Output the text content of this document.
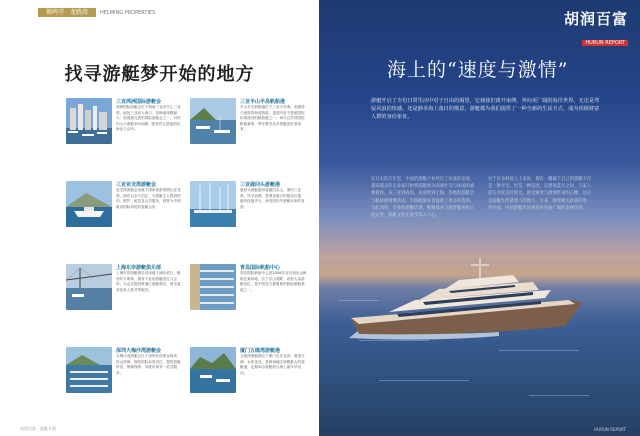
鹤鸣堂 · 龙鸥湾	HELMING PROPERTIES
找寻游艇梦开始的地方
三亚鸿洲国际游艇会
鸿洲国际游艇会位于海南三亚市中心三亚湾，地处三亚河入海口，是海南规模最大、设施最完善的国际游艇会之一，可停泊大小游艇300余艘，配套有五星级酒店、商业与会所。
三亚半山半岛帆船港
半山半岛帆船港位于三亚小东海，坐拥得天独厚的海湾资源，是国内首个按照国际标准建设的帆船港之一，承办过多项国际帆船赛事，每年吸引众多游艇爱好者前来。
三亚亚龙湾游艇会
亚龙湾游艇会坐落于国家旅游度假区亚龙湾，拥有百余个泊位，为游艇主人提供停泊、维护、租赁及会员服务，被誉为中国最具国际风范的游艇会所。
三亚鹿回头游艇港
鹿回头游艇港背靠鹿回头山，面向三亚湾，风平浪静，是观赏落日的绝佳位置，港内设施齐全，深受国内外游艇玩家的喜爱。
上海东岸游艇俱乐部
上海东岸游艇俱乐部坐落于浦东滨江，毗邻东方明珠，拥有专业的游艇泊位与会所，为会员提供黄浦江游艇观光、商务宴请及私人派对等服务。
青岛国际帆船中心
青岛国际帆船中心是2008年北京奥运会帆船比赛场地，位于浮山湾畔，设有大量游艇泊位，是中国北方最重要的帆船游艇基地之一。
深圳大梅沙湾游艇会
大梅沙湾游艇会位于深圳东部黄金海岸，依山傍海，拥有国际标准泊位，提供游艇停泊、维修保养、驾驶培训等一站式服务。
厦门五缘湾游艇港
五缘湾游艇港位于厦门岛东北部，港湾开阔、水质优良，是闽南地区规模最大的游艇港，定期举办游艇展与海上嘉年华活动。
胡润百富 · 游艇专题
胡润百富
HURUN REPORT
海上的“速度与激情”
游艇开启了专们日常生活中对于自由的渴望，它使我们离开束缚，奔向更广阔的海洋世界。无论是驾驭风浪的快感，还是静享海上落日的惬意，游艇都为我们提供了一种全新的生活方式，成为顶级财富人群的身份象征。
在过去的几年里，中国的游艇产业经历了快速的发展。越来越多的企业家开始将游艇视为高端社交与休闲的重要载体。从三亚到青岛，从深圳到上海，各地的游艇会与帆船港相继落成，为游艇爱好者提供了更多的选择。与此同时，专业的游艇培训、维修保养与租赁服务也日趋完善，游艇文化正逐步深入人心。
对于许多财富人士来说，拥有一艘属于自己的游艇不仅是一种享受，更是一种态度。在碧海蓝天之间，与家人朋友共度美好时光，感受速度与激情带来的心跳，这正是游艇生活最迷人的地方。未来，随着相关政策的进一步开放，中国游艇市场将迎来更加广阔的发展空间。
HURUN REPORT
